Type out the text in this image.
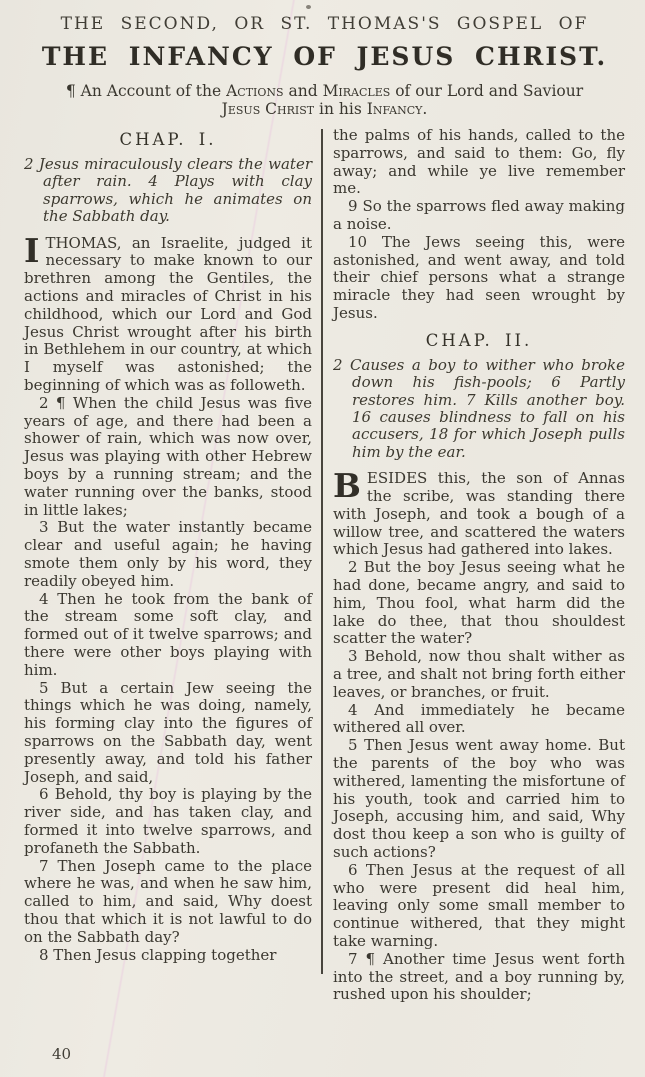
THE SECOND, OR ST. THOMAS'S GOSPEL OF
THE INFANCY OF JESUS CHRIST.
¶ An Account of the Actions and Miracles of our Lord and Saviour
Jesus Christ in his Infancy.
CHAP. I.
2 Jesus miraculously clears the water after rain. 4 Plays with clay sparrows, which he animates on the Sabbath day.

ITHOMAS, an Israelite, judged it necessary to make known to our brethren among the Gentiles, the actions and miracles of Christ in his childhood, which our Lord and God Jesus Christ wrought after his birth in Bethlehem in our country, at which I myself was astonished; the beginning of which was as followeth.

2 ¶ When the child Jesus was five years of age, and there had been a shower of rain, which was now over, Jesus was playing with other Hebrew boys by a running stream; and the water running over the banks, stood in little lakes;

3 But the water instantly became clear and useful again; he having smote them only by his word, they readily obeyed him.

4 Then he took from the bank of the stream some soft clay, and formed out of it twelve sparrows; and there were other boys playing with him.

5 But a certain Jew seeing the things which he was doing, namely, his forming clay into the figures of sparrows on the Sabbath day, went presently away, and told his father Joseph, and said,

6 Behold, thy boy is playing by the river side, and has taken clay, and formed it into twelve sparrows, and profaneth the Sabbath.

7 Then Joseph came to the place where he was, and when he saw him, called to him, and said, Why doest thou that which it is not lawful to do on the Sabbath day?

8 Then Jesus clapping together

the palms of his hands, called to the sparrows, and said to them: Go, fly away; and while ye live remember me.

9 So the sparrows fled away making a noise.

10 The Jews seeing this, were astonished, and went away, and told their chief persons what a strange miracle they had seen wrought by Jesus.

CHAP. II.
2 Causes a boy to wither who broke down his fish-pools; 6 Partly restores him. 7 Kills another boy. 16 causes blindness to fall on his accusers, 18 for which Joseph pulls him by the ear.

BESIDES this, the son of Annas the scribe, was standing there with Joseph, and took a bough of a willow tree, and scattered the waters which Jesus had gathered into lakes.

2 But the boy Jesus seeing what he had done, became angry, and said to him, Thou fool, what harm did the lake do thee, that thou shouldest scatter the water?

3 Behold, now thou shalt wither as a tree, and shalt not bring forth either leaves, or branches, or fruit.

4 And immediately he became withered all over.

5 Then Jesus went away home. But the parents of the boy who was withered, lamenting the misfortune of his youth, took and carried him to Joseph, accusing him, and said, Why dost thou keep a son who is guilty of such actions?

6 Then Jesus at the request of all who were present did heal him, leaving only some small member to continue withered, that they might take warning.

7 ¶ Another time Jesus went forth into the street, and a boy running by, rushed upon his shoulder;

40
